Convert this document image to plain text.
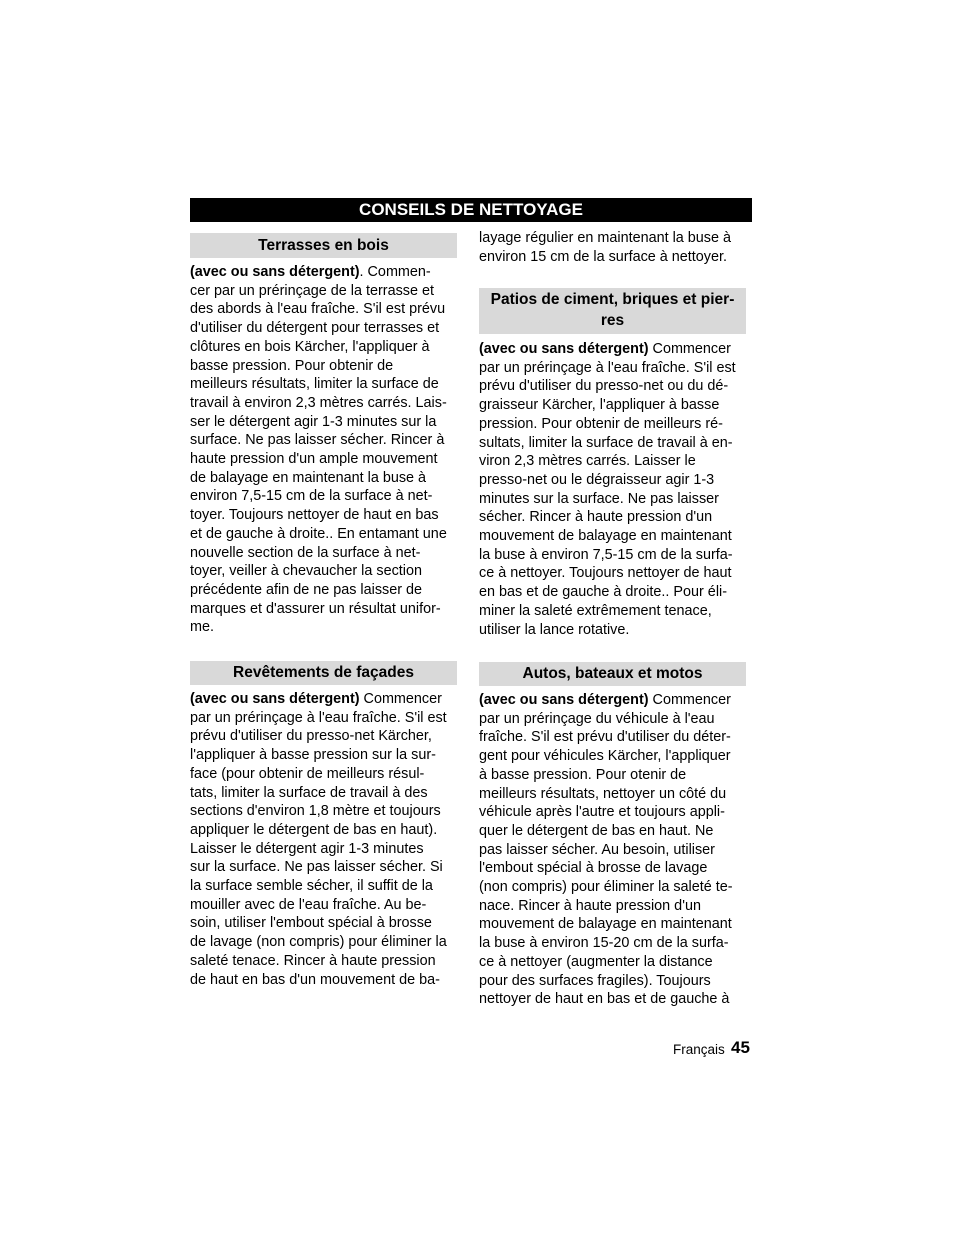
CONSEILS DE NETTOYAGE
Terrasses en bois

(avec ou sans détergent). Commen-
cer par un prérinçage de la terrasse et
des abords à l'eau fraîche. S'il est prévu
d'utiliser du détergent pour terrasses et
clôtures en bois Kärcher, l'appliquer à
basse pression. Pour obtenir de
meilleurs résultats, limiter la surface de
travail à environ 2,3 mètres carrés. Lais-
ser le détergent agir 1-3 minutes sur la
surface. Ne pas laisser sécher. Rincer à
haute pression d'un ample mouvement
de balayage en maintenant la buse à
environ 7,5-15 cm de la surface à net-
toyer. Toujours nettoyer de haut en bas
et de gauche à droite.. En entamant une
nouvelle section de la surface à net-
toyer, veiller à chevaucher la section
précédente afin de ne pas laisser de
marques et d'assurer un résultat unifor-
me.

Revêtements de façades

(avec ou sans détergent) Commencer
par un prérinçage à l'eau fraîche. S'il est
prévu d'utiliser du presso-net Kärcher,
l'appliquer à basse pression sur la sur-
face (pour obtenir de meilleurs résul-
tats, limiter la surface de travail à des
sections d'environ 1,8 mètre et toujours
appliquer le détergent de bas en haut).
Laisser le détergent agir 1-3 minutes
sur la surface. Ne pas laisser sécher. Si
la surface semble sécher, il suffit de la
mouiller avec de l'eau fraîche. Au be-
soin, utiliser l'embout spécial à brosse
de lavage (non compris) pour éliminer la
saleté tenace. Rincer à haute pression
de haut en bas d'un mouvement de ba-

layage régulier en maintenant la buse à
environ 15 cm de la surface à nettoyer.

Patios de ciment, briques et pier-
res

(avec ou sans détergent) Commencer
par un prérinçage à l'eau fraîche. S'il est
prévu d'utiliser du presso-net ou du dé-
graisseur Kärcher, l'appliquer à basse
pression. Pour obtenir de meilleurs ré-
sultats, limiter la surface de travail à en-
viron 2,3 mètres carrés. Laisser le
presso-net ou le dégraisseur agir 1-3
minutes sur la surface. Ne pas laisser
sécher. Rincer à haute pression d'un
mouvement de balayage en maintenant
la buse à environ 7,5-15 cm de la surfa-
ce à nettoyer. Toujours nettoyer de haut
en bas et de gauche à droite.. Pour éli-
miner la saleté extrêmement tenace,
utiliser la lance rotative.

Autos, bateaux et motos

(avec ou sans détergent) Commencer
par un prérinçage du véhicule à l'eau
fraîche. S'il est prévu d'utiliser du déter-
gent pour véhicules Kärcher, l'appliquer
à basse pression. Pour otenir de
meilleurs résultats, nettoyer un côté du
véhicule après l'autre et toujours appli-
quer le détergent de bas en haut. Ne
pas laisser sécher. Au besoin, utiliser
l'embout spécial à brosse de lavage
(non compris) pour éliminer la saleté te-
nace. Rincer à haute pression d'un
mouvement de balayage en maintenant
la buse à environ 15-20 cm de la surfa-
ce à nettoyer (augmenter la distance
pour des surfaces fragiles). Toujours
nettoyer de haut en bas et de gauche à

Français 45
